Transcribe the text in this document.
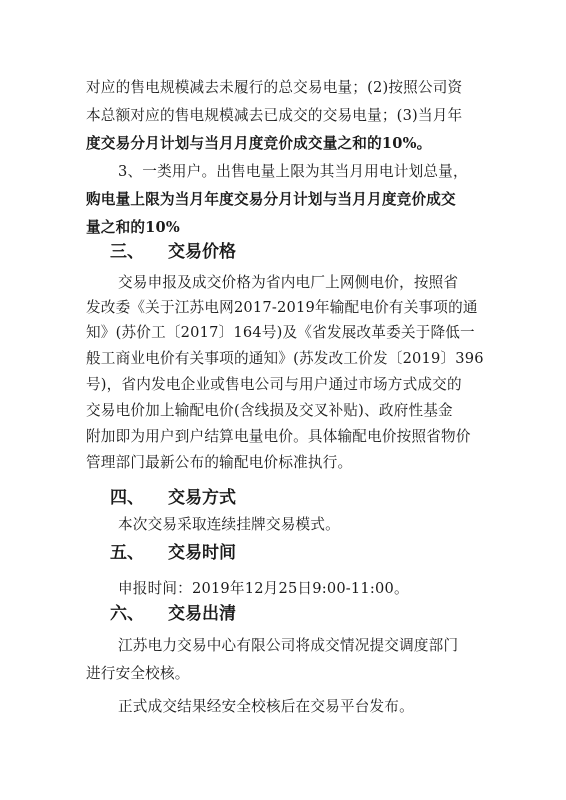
对应的售电规模减去未履行的总交易电量；(2)按照公司资
本总额对应的售电规模减去已成交的交易电量；(3)当月年
度交易分月计划与当月月度竞价成交量之和的10%。
3、一类用户。出售电量上限为其当月用电计划总量，
购电量上限为当月年度交易分月计划与当月月度竞价成交
量之和的10%
三、 交易价格
交易申报及成交价格为省内电厂上网侧电价，按照省
发改委《关于江苏电网2017-2019年输配电价有关事项的通
知》(苏价工〔2017〕164号)及《省发展改革委关于降低一
般工商业电价有关事项的通知》(苏发改工价发〔2019〕396
号)，省内发电企业或售电公司与用户通过市场方式成交的
交易电价加上输配电价(含线损及交叉补贴)、政府性基金
附加即为用户到户结算电量电价。具体输配电价按照省物价
管理部门最新公布的输配电价标准执行。
四、 交易方式
本次交易采取连续挂牌交易模式。
五、 交易时间
申报时间：2019年12月25日9:00-11:00。
六、 交易出清
江苏电力交易中心有限公司将成交情况提交调度部门
进行安全校核。
正式成交结果经安全校核后在交易平台发布。
